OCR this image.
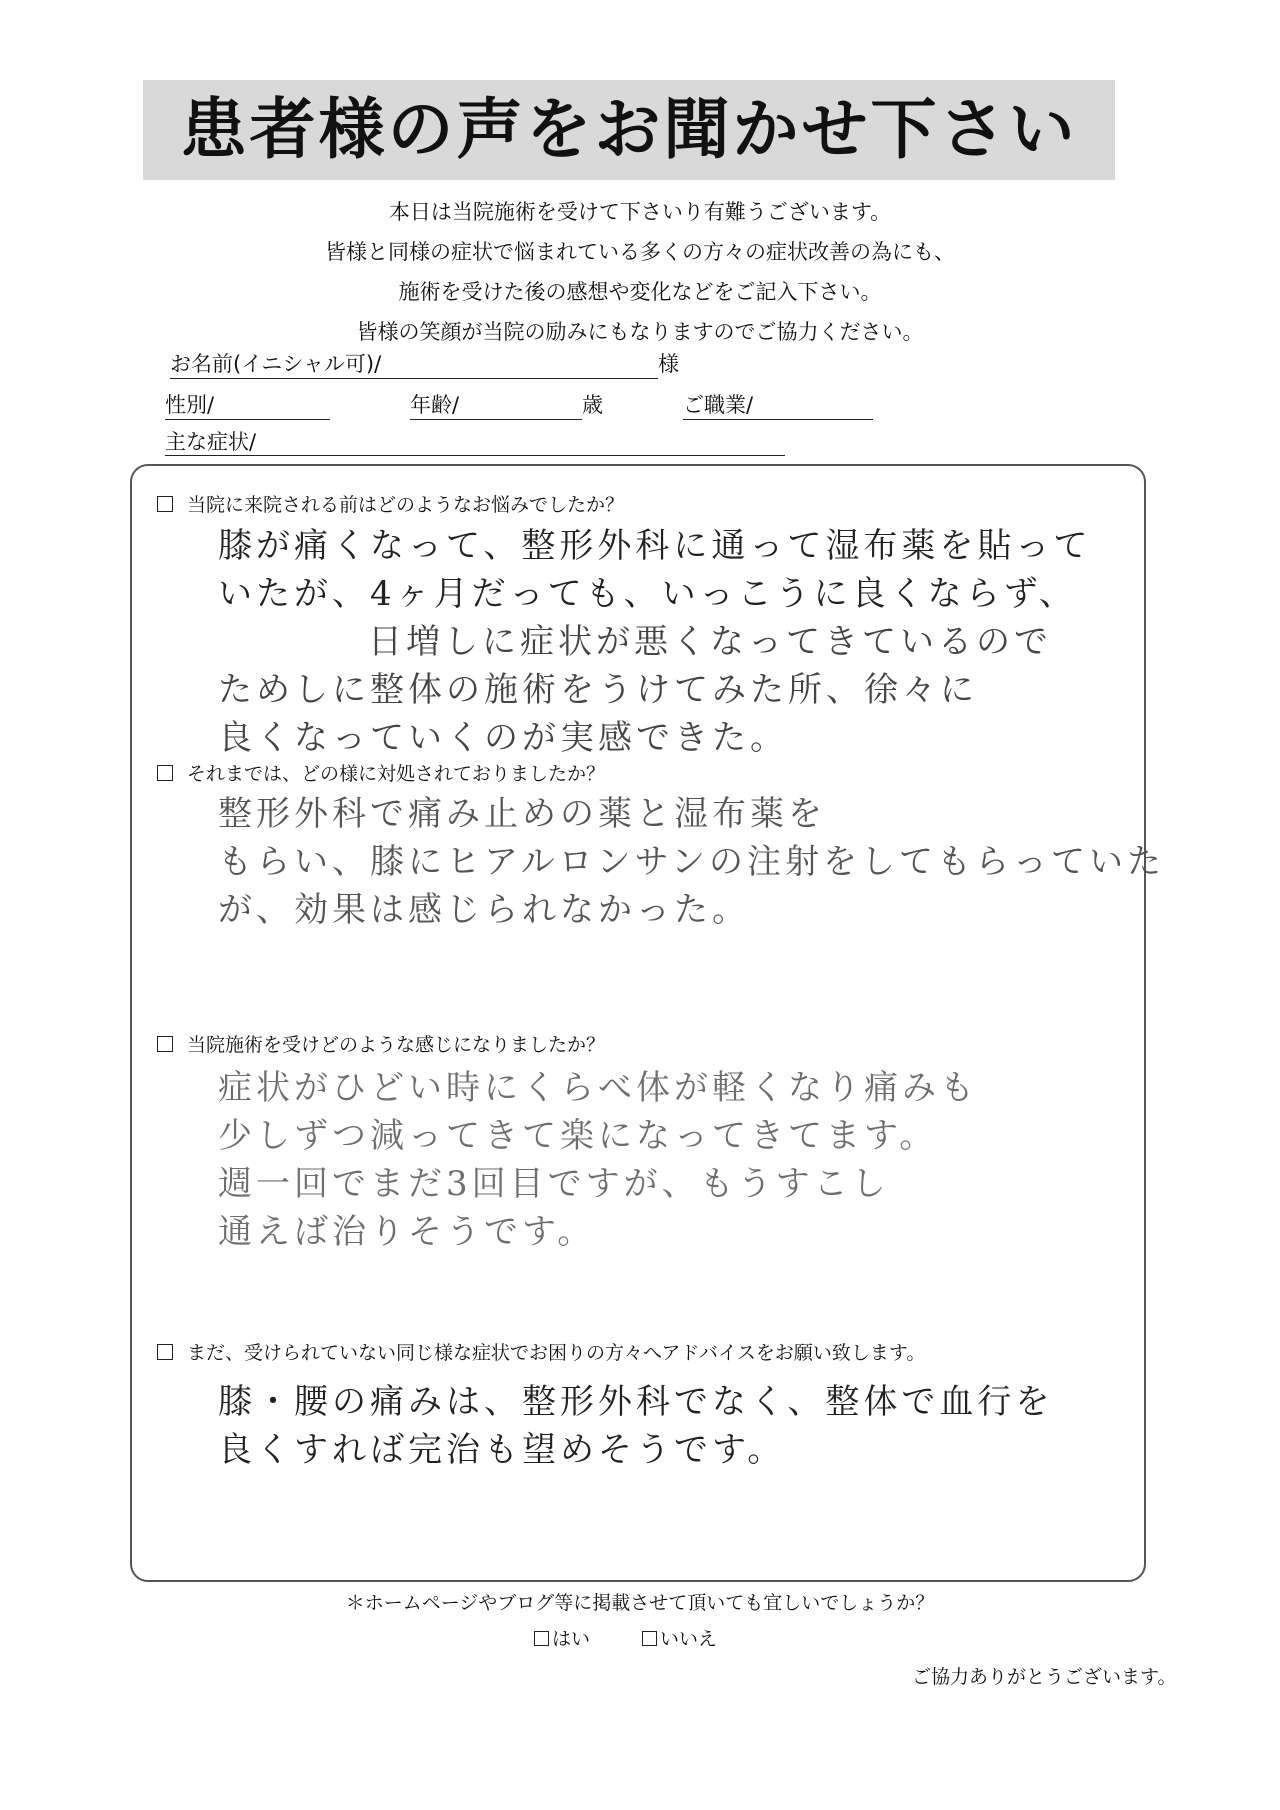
患者様の声をお聞かせ下さい
本日は当院施術を受けて下さいり有難うございます。
皆様と同様の症状で悩まれている多くの方々の症状改善の為にも、
施術を受けた後の感想や変化などをご記入下さい。
皆様の笑顔が当院の励みにもなりますのでご協力ください。
お名前(イニシャル可)/	様
性別/	年齢/	歳	ご職業/
主な症状/
当院に来院される前はどのようなお悩みでしたか？
膝が痛くなって、整形外科に通って湿布薬を貼って
いたが、4ヶ月だっても、いっこうに良くならず、
日増しに症状が悪くなってきているので
ためしに整体の施術をうけてみた所、徐々に
良くなっていくのが実感できた。
それまでは、どの様に対処されておりましたか？
整形外科で痛み止めの薬と湿布薬を
もらい、膝にヒアルロンサンの注射をしてもらっていた
が、効果は感じられなかった。
当院施術を受けどのような感じになりましたか？
症状がひどい時にくらべ体が軽くなり痛みも
少しずつ減ってきて楽になってきてます。
週一回でまだ3回目ですが、もうすこし
通えば治りそうです。
まだ、受けられていない同じ様な症状でお困りの方々へアドバイスをお願い致します。
膝・腰の痛みは、整形外科でなく、整体で血行を
良くすれば完治も望めそうです。
＊ホームページやブログ等に掲載させて頂いても宜しいでしょうか？
はい	いいえ
ご協力ありがとうございます。
